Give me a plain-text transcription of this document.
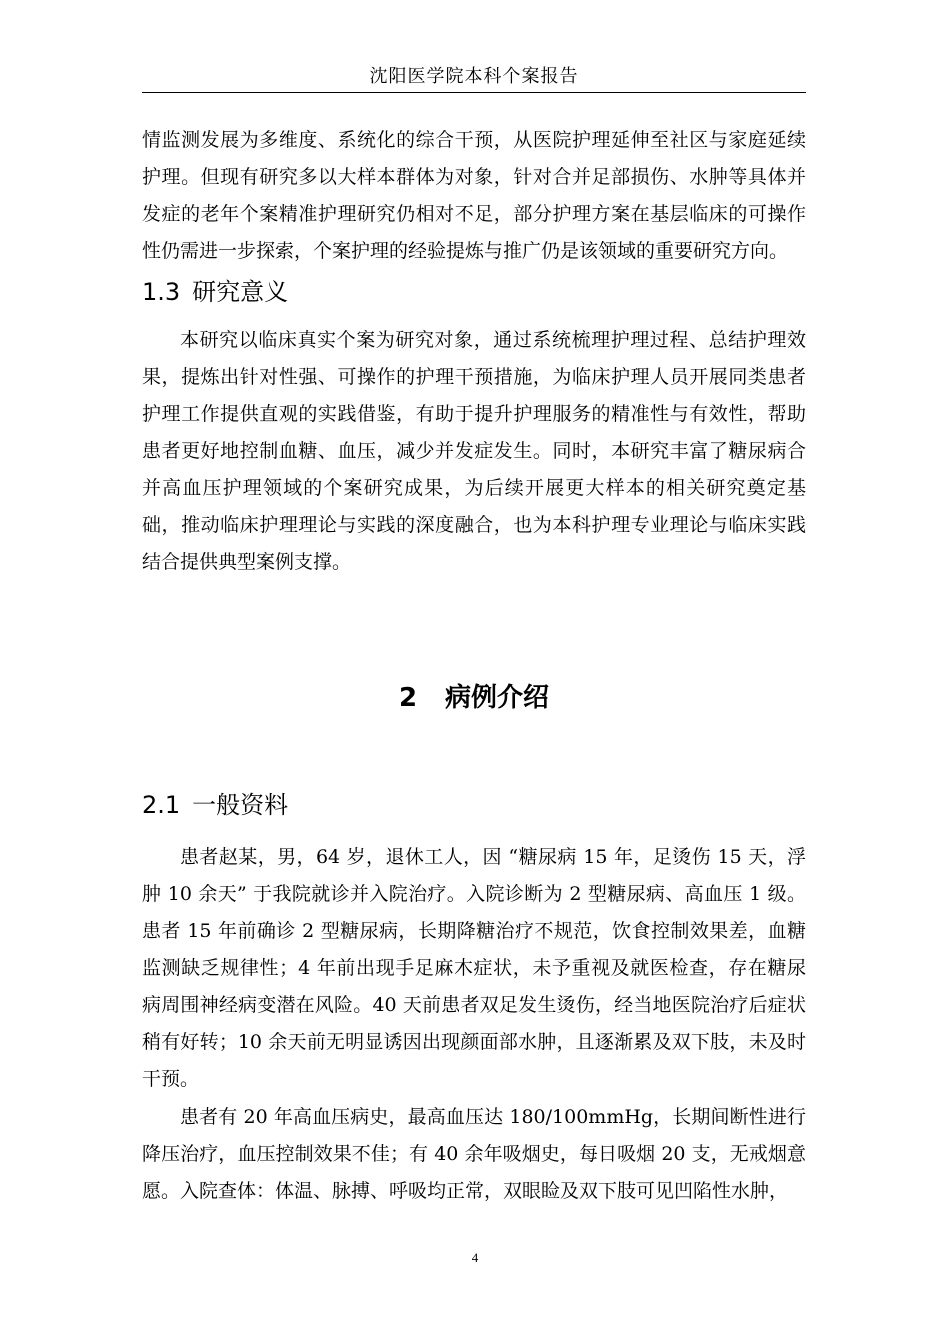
沈阳医学院本科个案报告

情监测发展为多维度、系统化的综合干预，从医院护理延伸至社区与家庭延续护理。但现有研究多以大样本群体为对象，针对合并足部损伤、水肿等具体并发症的老年个案精准护理研究仍相对不足，部分护理方案在基层临床的可操作性仍需进一步探索，个案护理的经验提炼与推广仍是该领域的重要研究方向。

1.3 研究意义

本研究以临床真实个案为研究对象，通过系统梳理护理过程、总结护理效果，提炼出针对性强、可操作的护理干预措施，为临床护理人员开展同类患者护理工作提供直观的实践借鉴，有助于提升护理服务的精准性与有效性，帮助患者更好地控制血糖、血压，减少并发症发生。同时，本研究丰富了糖尿病合并高血压护理领域的个案研究成果，为后续开展更大样本的相关研究奠定基础，推动临床护理理论与实践的深度融合，也为本科护理专业理论与临床实践结合提供典型案例支撑。

2 病例介绍
2.1 一般资料

患者赵某，男，64 岁，退休工人，因 “糖尿病 15 年，足烫伤 15 天，浮肿 10 余天” 于我院就诊并入院治疗。入院诊断为 2 型糖尿病、高血压 1 级。患者 15 年前确诊 2 型糖尿病，长期降糖治疗不规范，饮食控制效果差，血糖监测缺乏规律性；4 年前出现手足麻木症状，未予重视及就医检查，存在糖尿病周围神经病变潜在风险。40 天前患者双足发生烫伤，经当地医院治疗后症状稍有好转；10 余天前无明显诱因出现颜面部水肿，且逐渐累及双下肢，未及时干预。

患者有 20 年高血压病史，最高血压达 180/100mmHg，长期间断性进行降压治疗，血压控制效果不佳；有 40 余年吸烟史，每日吸烟 20 支，无戒烟意愿。入院查体：体温、脉搏、呼吸均正常，双眼睑及双下肢可见凹陷性水肿，

4
